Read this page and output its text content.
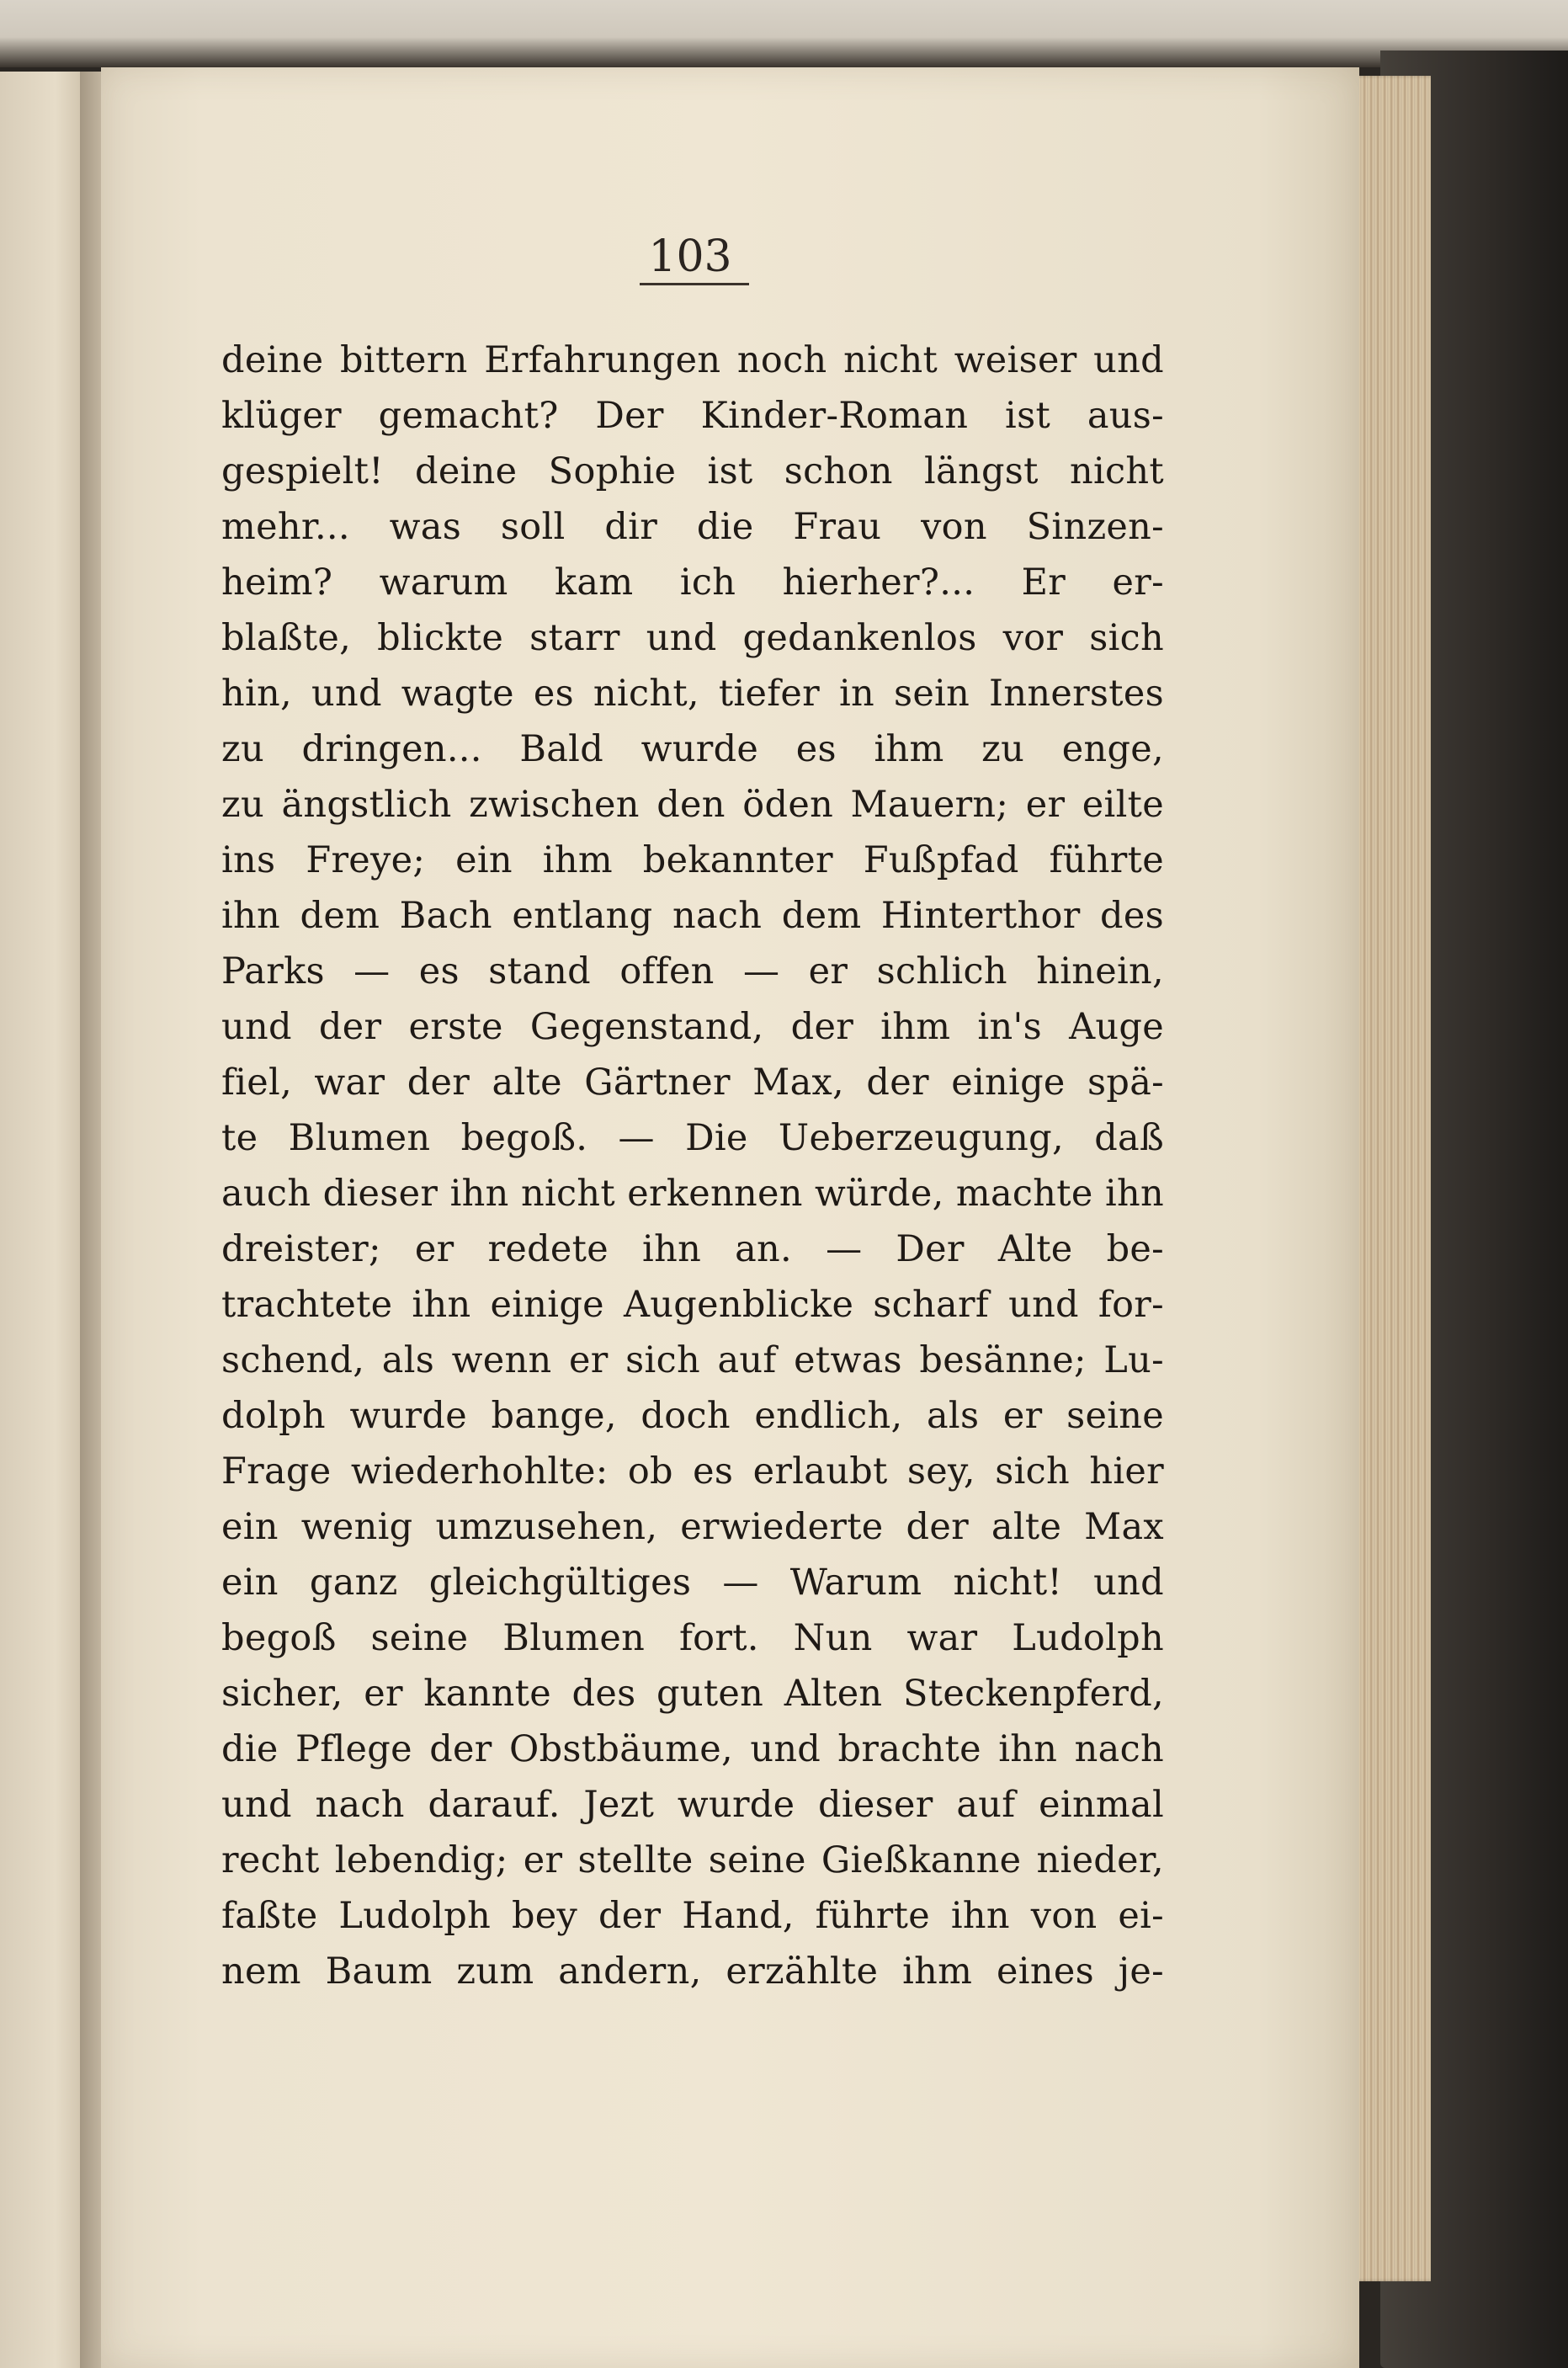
103
deine bittern Erfahrungen noch nicht weiser und
klüger gemacht? Der Kinder-Roman ist aus-
gespielt! deine Sophie ist schon längst nicht
mehr... was soll dir die Frau von Sinzen-
heim? warum kam ich hierher?... Er er-
blaßte, blickte starr und gedankenlos vor sich
hin, und wagte es nicht, tiefer in sein Innerstes
zu dringen... Bald wurde es ihm zu enge,
zu ängstlich zwischen den öden Mauern; er eilte
ins Freye; ein ihm bekannter Fußpfad führte
ihn dem Bach entlang nach dem Hinterthor des
Parks — es stand offen — er schlich hinein,
und der erste Gegenstand, der ihm in's Auge
fiel, war der alte Gärtner Max, der einige spä-
te Blumen begoß. — Die Ueberzeugung, daß
auch dieser ihn nicht erkennen würde, machte ihn
dreister; er redete ihn an. — Der Alte be-
trachtete ihn einige Augenblicke scharf und for-
schend, als wenn er sich auf etwas besänne; Lu-
dolph wurde bange, doch endlich, als er seine
Frage wiederhohlte: ob es erlaubt sey, sich hier
ein wenig umzusehen, erwiederte der alte Max
ein ganz gleichgültiges — Warum nicht! und
begoß seine Blumen fort. Nun war Ludolph
sicher, er kannte des guten Alten Steckenpferd,
die Pflege der Obstbäume, und brachte ihn nach
und nach darauf. Jezt wurde dieser auf einmal
recht lebendig; er stellte seine Gießkanne nieder,
faßte Ludolph bey der Hand, führte ihn von ei-
nem Baum zum andern, erzählte ihm eines je-
